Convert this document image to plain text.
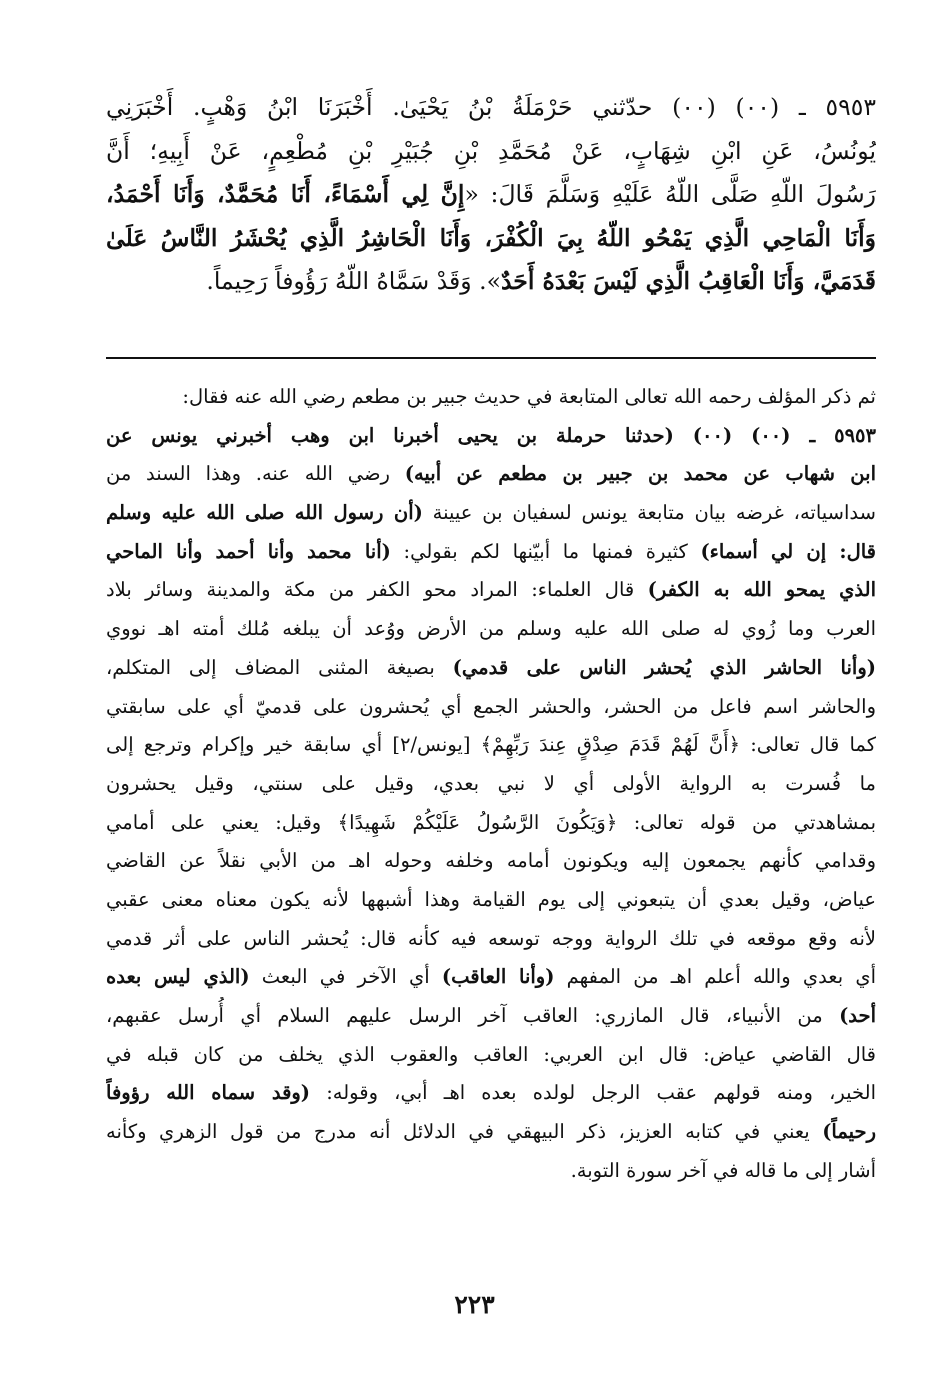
٥٩٥٣ ـ (٠٠) (٠٠) حدّثني حَرْمَلَةُ بْنُ يَحْيَىٰ. أَخْبَرَنَا ابْنُ وَهْبٍ. أَخْبَرَنِي
يُونُسُ، عَنِ ابْنِ شِهَابٍ، عَنْ مُحَمَّدِ بْنِ جُبَيْرِ بْنِ مُطْعِمٍ، عَنْ أَبِيهِ؛ أَنَّ
رَسُولَ اللّهِ صَلَّى اللّهُ عَلَيْهِ وَسَلَّمَ قَالَ: «إِنَّ لِي أَسْمَاءً، أَنَا مُحَمَّدٌ، وَأَنَا أَحْمَدُ،
وَأَنَا الْمَاحِي الَّذِي يَمْحُو اللّهُ بِيَ الْكُفْرَ، وَأَنَا الْحَاشِرُ الَّذِي يُحْشَرُ النَّاسُ عَلَىٰ
قَدَمَيَّ، وَأَنَا الْعَاقِبُ الَّذِي لَيْسَ بَعْدَهُ أَحَدٌ». وَقَدْ سَمَّاهُ اللّهُ رَؤُوفاً رَحِيماً.
ثم ذكر المؤلف رحمه الله تعالى المتابعة في حديث جبير بن مطعم رضي الله عنه فقال:
٥٩٥٣ ـ (٠٠) (٠٠) (حدثنا حرملة بن يحيى أخبرنا ابن وهب أخبرني يونس عن
ابن شهاب عن محمد بن جبير بن مطعم عن أبيه) رضي الله عنه. وهذا السند من
سداسياته، غرضه بيان متابعة يونس لسفيان بن عيينة (أن رسول الله صلى الله عليه وسلم
قال: إن لي أسماء) كثيرة فمنها ما أبيّنها لكم بقولي: (أنا محمد وأنا أحمد وأنا الماحي
الذي يمحو الله به الكفر) قال العلماء: المراد محو الكفر من مكة والمدينة وسائر بلاد
العرب وما زُوي له صلى الله عليه وسلم من الأرض ووُعد أن يبلغه مُلك أمته اهـ نووي
(وأنا الحاشر الذي يُحشر الناس على قدمي) بصيغة المثنى المضاف إلى المتكلم،
والحاشر اسم فاعل من الحشر، والحشر الجمع أي يُحشرون على قدميّ أي على سابقتي
كما قال تعالى: ﴿أَنَّ لَهُمْ قَدَمَ صِدْقٍ عِندَ رَبِّهِمْ﴾ [يونس/٢] أي سابقة خير وإكرام وترجع إلى
ما فُسرت به الرواية الأولى أي لا نبي بعدي، وقيل على سنتي، وقيل يحشرون
بمشاهدتي من قوله تعالى: ﴿وَيَكُونَ الرَّسُولُ عَلَيْكُمْ شَهِيدًا﴾ وقيل: يعني على أمامي
وقدامي كأنهم يجمعون إليه ويكونون أمامه وخلفه وحوله اهـ من الأبي نقلاً عن القاضي
عياض، وقيل بعدي أن يتبعوني إلى يوم القيامة وهذا أشبهها لأنه يكون معناه معنى عقبي
لأنه وقع موقعه في تلك الرواية ووجه توسعه فيه كأنه قال: يُحشر الناس على أثر قدمي
أي بعدي والله أعلم اهـ من المفهم (وأنا العاقب) أي الآخر في البعث (الذي ليس بعده
أحد) من الأنبياء، قال المازري: العاقب آخر الرسل عليهم السلام أي أُرسل عقبهم،
قال القاضي عياض: قال ابن العربي: العاقب والعقوب الذي يخلف من كان قبله في
الخير، ومنه قولهم عقب الرجل لولده بعده اهـ أبي، وقوله: (وقد سماه الله رؤوفاً
رحيماً) يعني في كتابه العزيز، ذكر البيهقي في الدلائل أنه مدرج من قول الزهري وكأنه
أشار إلى ما قاله في آخر سورة التوبة.
٢٢٣
